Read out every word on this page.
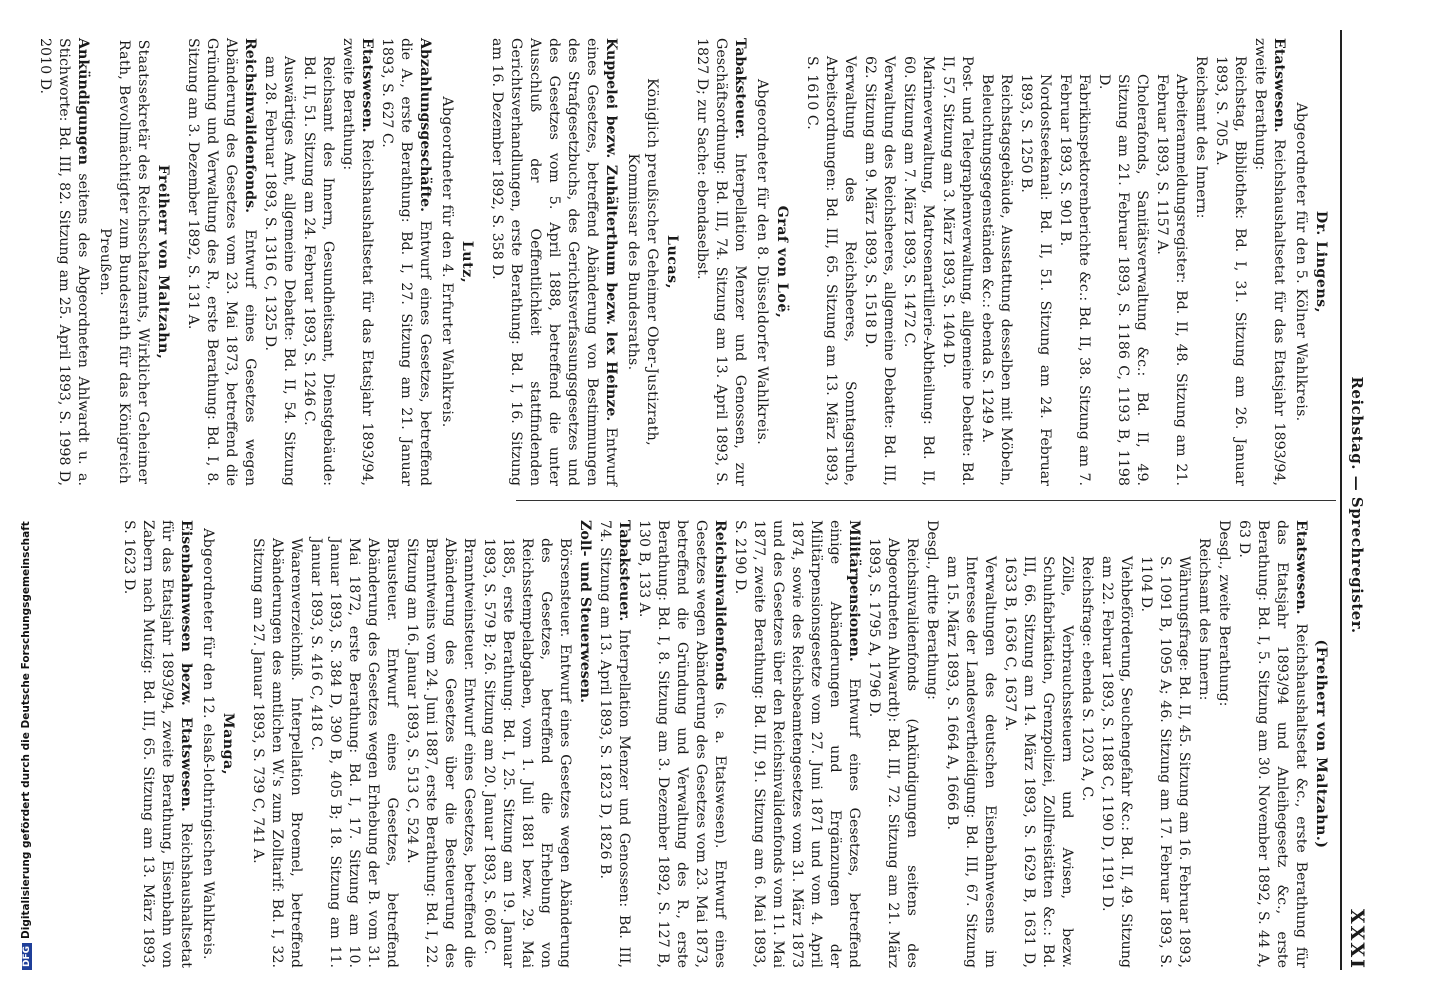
Reichstag. — Sprechregister.
XXXI
Dr. Lingens,
Abgeordneter für den 5. Kölner Wahlkreis.
Etatswesen. Reichshaushaltsetat für das Etatsjahr 1893/94, zweite Berathung:
Reichstag, Bibliothek: Bd. I, 31. Sitzung am 26. Januar 1893, S. 705 A.
Reichsamt des Innern:
Arbeiteranmeldungsregister: Bd. II, 48. Sitzung am 21. Februar 1893, S. 1157 A.
Cholerafonds, Sanitätsverwaltung &c.: Bd. II, 49. Sitzung am 21. Februar 1893, S. 1186 C, 1193 B, 1198 D.
Fabrikinspektorenberichte &c.: Bd. II, 38. Sitzung am 7. Februar 1893, S. 901 B.
Nordostseekanal: Bd. II, 51. Sitzung am 24. Februar 1893, S. 1250 B.
Reichstagsgebäude, Ausstattung desselben mit Möbeln, Beleuchtungsgegenständen &c.: ebenda S. 1249 A.
Post- und Telegraphenverwaltung, allgemeine Debatte: Bd. II, 57. Sitzung am 3. März 1893, S. 1404 D.
Marineverwaltung, Matrosenartillerie-Abtheilung: Bd. II, 60. Sitzung am 7. März 1893, S. 1472 C.
Verwaltung des Reichsheeres, allgemeine Debatte: Bd. III, 62. Sitzung am 9. März 1893, S. 1518 D.
Verwaltung des Reichsheeres, Sonntagsruhe, Arbeitsordnungen: Bd. III, 65. Sitzung am 13. März 1893, S. 1610 C.
Graf von Loë,
Abgeordneter für den 8. Düsseldorfer Wahlkreis.
Tabaksteuer. Interpellation Menzer und Genossen, zur Geschäftsordnung: Bd. III, 74. Sitzung am 13. April 1893, S. 1827 D; zur Sache: ebendaselbst.
Lucas,
Königlich preußischer Geheimer Ober-Justizrath, Kommissar des Bundesraths.
Kuppelei bezw. Zuhälterthum bezw. lex Heinze. Entwurf eines Gesetzes, betreffend Abänderung von Bestimmungen des Strafgesetzbuchs, des Gerichtsverfassungsgesetzes und des Gesetzes vom 5. April 1888, betreffend die unter Ausschluß der Oeffentlichkeit stattfindenden Gerichtsverhandlungen, erste Berathung: Bd. I, 16. Sitzung am 16. Dezember 1892, S. 358 D.
Lutz,
Abgeordneter für den 4. Erfurter Wahlkreis.
Abzahlungsgeschäfte. Entwurf eines Gesetzes, betreffend die A., erste Berathung: Bd. I, 27. Sitzung am 21. Januar 1893, S. 627 C.
Etatswesen. Reichshaushaltsetat für das Etatsjahr 1893/94, zweite Berathung:
Reichsamt des Innern, Gesundheitsamt, Dienstgebäude: Bd. II, 51. Sitzung am 24. Februar 1893, S. 1246 C.
Auswärtiges Amt, allgemeine Debatte: Bd. II, 54. Sitzung am 28. Februar 1893, S. 1316 C, 1325 D.
Reichsinvalidenfonds. Entwurf eines Gesetzes wegen Abänderung des Gesetzes vom 23. Mai 1873, betreffend die Gründung und Verwaltung des R., erste Berathung: Bd. I, 8. Sitzung am 3. Dezember 1892, S. 131 A.
Freiherr von Maltzahn,
Staatssekretär des Reichsschatzamts, Wirklicher Geheimer Rath, Bevollmächtigter zum Bundesrath für das Königreich Preußen.
Ankündigungen seitens des Abgeordneten Ahlwardt u. a. Stichworte: Bd. III, 82. Sitzung am 25. April 1893, S. 1998 D, 2010 D.
(Freiherr von Maltzahn.)
Etatswesen. Reichshaushaltsetat &c., erste Berathung für das Etatsjahr 1893/94 und Anleihegesetz &c., erste Berathung: Bd. I, 5. Sitzung am 30. November 1892, S. 44 A, 63 D.
Desgl., zweite Berathung:
Reichsamt des Innern:
Währungsfrage: Bd. II, 45. Sitzung am 16. Februar 1893, S. 1091 B, 1095 A; 46. Sitzung am 17. Februar 1893, S. 1104 D.
Viehbeförderung, Seuchengefahr &c.: Bd. II, 49. Sitzung am 22. Februar 1893, S. 1188 C, 1190 D, 1191 D.
Reichsfrage: ebenda S. 1203 A, C.
Zölle, Verbrauchssteuern und Avisen, bezw. Schuhfabrikation, Grenzpolizei, Zollfreistätten &c.: Bd. III, 66. Sitzung am 14. März 1893, S. 1629 B, 1631 D, 1633 B, 1636 C, 1637 A.
Verwaltungen des deutschen Eisenbahnwesens im Interesse der Landesvertheidigung: Bd. III, 67. Sitzung am 15. März 1893, S. 1664 A, 1666 B.
Desgl., dritte Berathung:
Reichsinvalidenfonds (Ankündigungen seitens des Abgeordneten Ahlwardt): Bd. III, 72. Sitzung am 21. März 1893, S. 1795 A, 1796 D.
Militärpensionen. Entwurf eines Gesetzes, betreffend einige Abänderungen und Ergänzungen der Militärpensionsgesetze vom 27. Juni 1871 und vom 4. April 1874, sowie des Reichsbeamtengesetzes vom 31. März 1873 und des Gesetzes über den Reichsinvalidenfonds vom 11. Mai 1877, zweite Berathung: Bd. III, 91. Sitzung am 6. Mai 1893, S. 2190 D.
Reichsinvalidenfonds (s. a. Etatswesen). Entwurf eines Gesetzes wegen Abänderung des Gesetzes vom 23. Mai 1873, betreffend die Gründung und Verwaltung des R., erste Berathung: Bd. I, 8. Sitzung am 3. Dezember 1892, S. 127 B, 130 B, 133 A.
Tabaksteuer. Interpellation Menzer und Genossen: Bd. III, 74. Sitzung am 13. April 1893, S. 1823 D, 1826 B.
Zoll- und Steuerwesen.
Börsensteuer. Entwurf eines Gesetzes wegen Abänderung des Gesetzes, betreffend die Erhebung von Reichsstempelabgaben, vom 1. Juli 1881 bezw. 29. Mai 1885, erste Berathung: Bd. I, 25. Sitzung am 19. Januar 1893, S. 579 B; 26. Sitzung am 20. Januar 1893, S. 608 C.
Branntweinsteuer. Entwurf eines Gesetzes, betreffend die Abänderung des Gesetzes über die Besteuerung des Branntweins vom 24. Juni 1887, erste Berathung: Bd. I, 22. Sitzung am 16. Januar 1893, S. 513 C, 524 A.
Brausteuer. Entwurf eines Gesetzes, betreffend Abänderung des Gesetzes wegen Erhebung der B. vom 31. Mai 1872, erste Berathung: Bd. I, 17. Sitzung am 10. Januar 1893, S. 384 D, 390 B, 405 B; 18. Sitzung am 11. Januar 1893, S. 416 C, 418 C.
Waarenverzeichniß. Interpellation Broemel, betreffend Abänderungen des amtlichen W.'s zum Zolltarif: Bd. I, 32. Sitzung am 27. Januar 1893, S. 739 C, 741 A.
Manga,
Abgeordneter für den 12. elsaß-lothringischen Wahlkreis.
Eisenbahnwesen bezw. Etatswesen. Reichshaushaltsetat für das Etatsjahr 1893/94, zweite Berathung, Eisenbahn von Zabern nach Mutzig: Bd. III, 65. Sitzung am 13. März 1893, S. 1623 D.
DFGDigitalisierung gefördert durch die Deutsche Forschungsgemeinschaft
